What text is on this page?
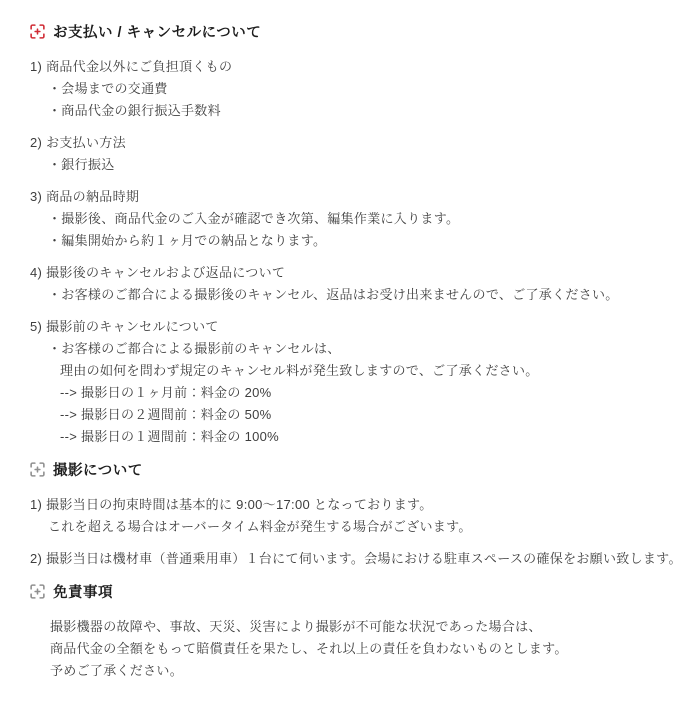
お支払い / キャンセルについて

1) 商品代金以外にご負担頂くもの

・会場までの交通費

・商品代金の銀行振込手数料

2) お支払い方法

・銀行振込

3) 商品の納品時期

・撮影後、商品代金のご入金が確認でき次第、編集作業に入ります。

・編集開始から約１ヶ月での納品となります。

4) 撮影後のキャンセルおよび返品について

・お客様のご都合による撮影後のキャンセル、返品はお受け出来ませんので、ご了承ください。

5) 撮影前のキャンセルについて

・お客様のご都合による撮影前のキャンセルは、

理由の如何を問わず規定のキャンセル料が発生致しますので、ご了承ください。

--> 撮影日の１ヶ月前：料金の 20%

--> 撮影日の２週間前：料金の 50%

--> 撮影日の１週間前：料金の 100%

撮影について

1) 撮影当日の拘束時間は基本的に 9:00〜17:00 となっております。

これを超える場合はオーバータイム料金が発生する場合がございます。

2) 撮影当日は機材車（普通乗用車）１台にて伺います。会場における駐車スペースの確保をお願い致します。

免責事項

撮影機器の故障や、事故、天災、災害により撮影が不可能な状況であった場合は、

商品代金の全額をもって賠償責任を果たし、それ以上の責任を負わないものとします。

予めご了承ください。
